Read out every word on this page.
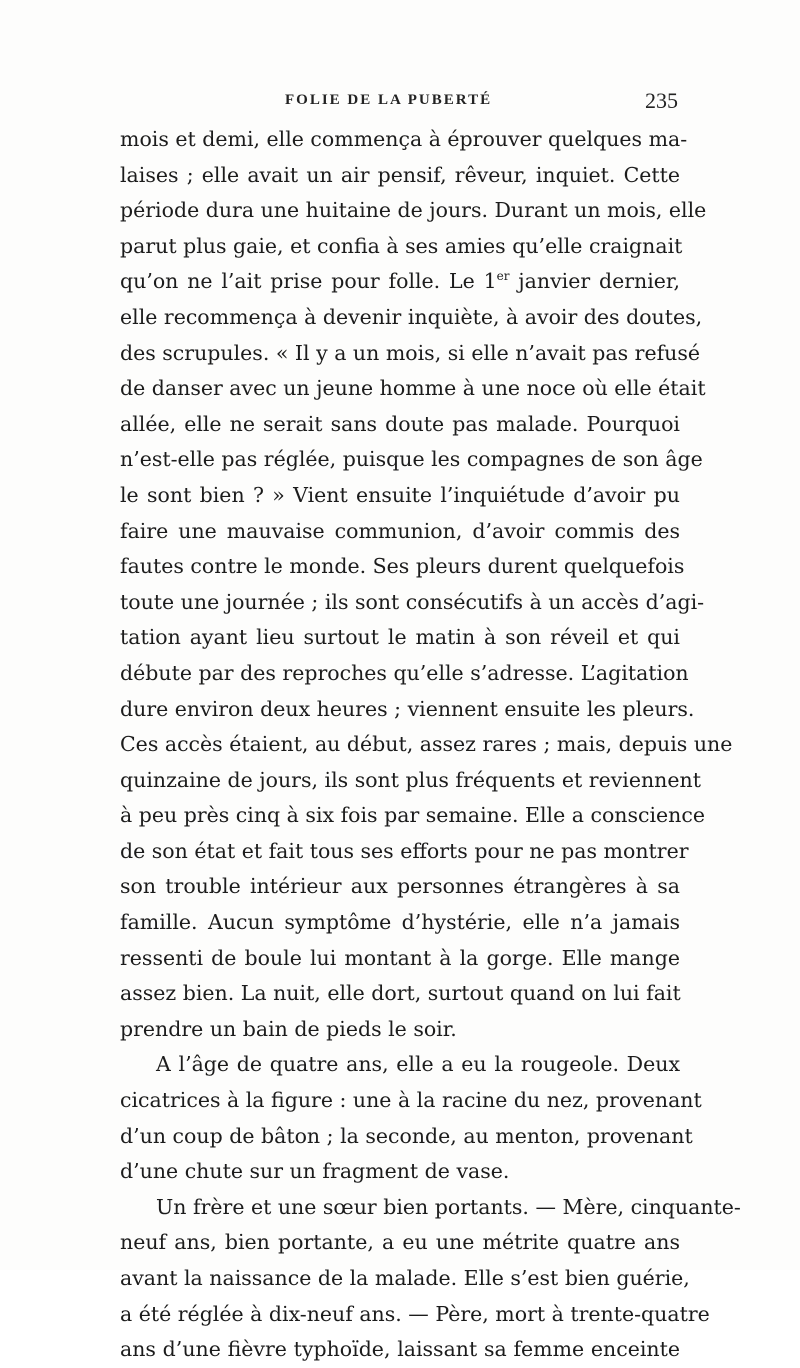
FOLIE DE LA PUBERTÉ	235
mois et demi, elle commença à éprouver quelques ma-
laises ; elle avait un air pensif, rêveur, inquiet. Cette
période dura une huitaine de jours. Durant un mois, elle
parut plus gaie, et confia à ses amies qu’elle craignait
qu’on ne l’ait prise pour folle. Le 1er janvier dernier,
elle recommença à devenir inquiète, à avoir des doutes,
des scrupules. « Il y a un mois, si elle n’avait pas refusé
de danser avec un jeune homme à une noce où elle était
allée, elle ne serait sans doute pas malade. Pourquoi
n’est-elle pas réglée, puisque les compagnes de son âge
le sont bien ? » Vient ensuite l’inquiétude d’avoir pu
faire une mauvaise communion, d’avoir commis des
fautes contre le monde. Ses pleurs durent quelquefois
toute une journée ; ils sont consécutifs à un accès d’agi-
tation ayant lieu surtout le matin à son réveil et qui
débute par des reproches qu’elle s’adresse. L’agitation
dure environ deux heures ; viennent ensuite les pleurs.
Ces accès étaient, au début, assez rares ; mais, depuis une
quinzaine de jours, ils sont plus fréquents et reviennent
à peu près cinq à six fois par semaine. Elle a conscience
de son état et fait tous ses efforts pour ne pas montrer
son trouble intérieur aux personnes étrangères à sa
famille. Aucun symptôme d’hystérie, elle n’a jamais
ressenti de boule lui montant à la gorge. Elle mange
assez bien. La nuit, elle dort, surtout quand on lui fait
prendre un bain de pieds le soir.
A l’âge de quatre ans, elle a eu la rougeole. Deux
cicatrices à la figure : une à la racine du nez, provenant
d’un coup de bâton ; la seconde, au menton, provenant
d’une chute sur un fragment de vase.
Un frère et une sœur bien portants. — Mère, cinquante-
neuf ans, bien portante, a eu une métrite quatre ans
avant la naissance de la malade. Elle s’est bien guérie,
a été réglée à dix-neuf ans. — Père, mort à trente-quatre
ans d’une fièvre typhoïde, laissant sa femme enceinte
